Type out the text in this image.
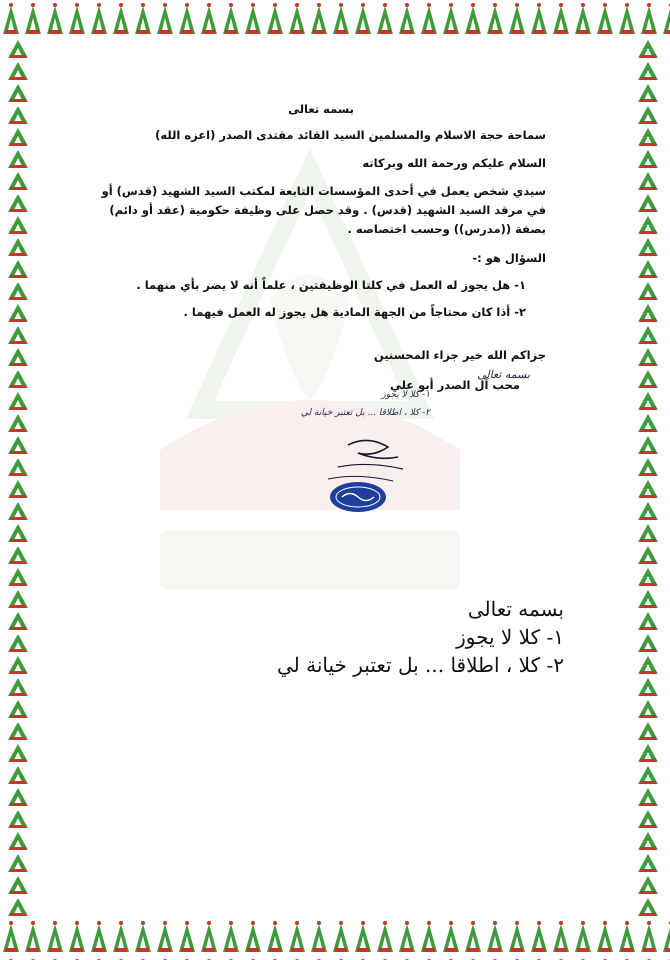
بسمه تعالى

سماحة حجة الاسلام والمسلمين السيد القائد مقتدى الصدر (اعزه الله)

السلام عليكم ورحمة الله وبركاته

سيدي شخص يعمل في أحدى المؤسسات التابعة لمكتب السيد الشهيد (قدس) أو في مرقد السيد الشهيد (قدس) . وقد حصل على وظيفة حكومية (عقد أو دائم) بصفة ((مدرس)) وحسب اختصاصه .

السؤال هو :-

١- هل يجوز له العمل في كلتا الوظيفتين ، علماً أنه لا يضر بأي منهما .

٢- أذا كان محتاجاً من الجهة المادية هل يجوز له العمل فيهما .

جزاكم الله خير جزاء المحسنين
محب آل الصدر أبو علي
بسمه تعالى
١- كلا لا يجوز
٢- كلا ، اطلاقا ... بل تعتبر خيانة لي

بسمه تعالى

١- كلا لا يجوز

٢- كلا ، اطلاقا ... بل تعتبر خيانة لي
